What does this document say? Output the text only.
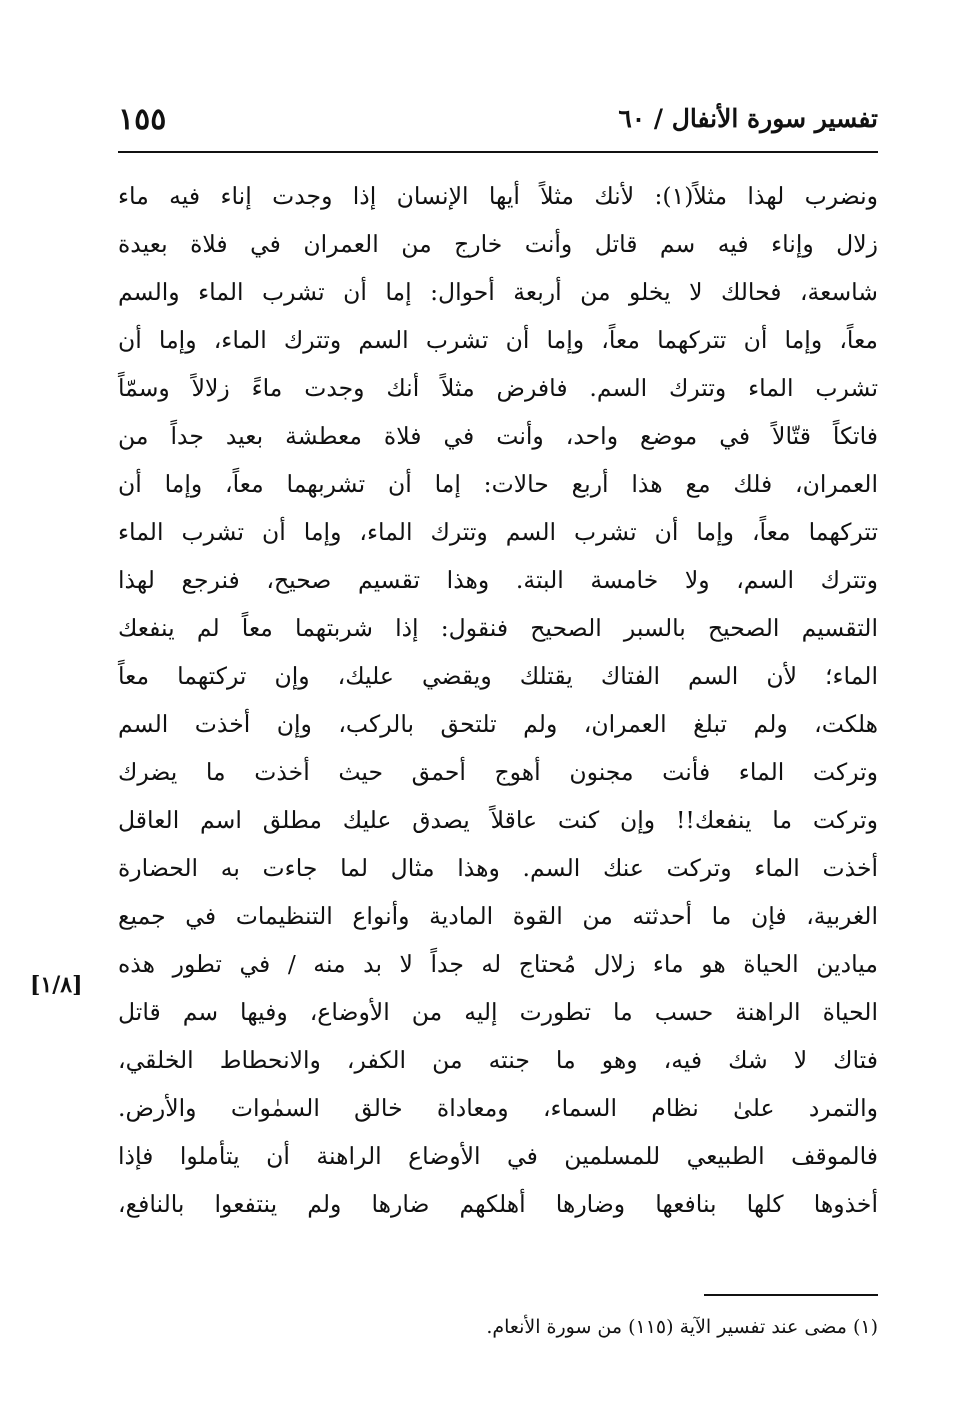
تفسير سورة الأنفال / ٦٠
١٥٥
[١/٨]
ونضرب لهذا مثلاً(١): لأنك مثلاً أيها الإنسان إذا وجدت إناء فيه ماء
زلال وإناء فيه سم قاتل وأنت خارج من العمران في فلاة بعيدة
شاسعة، فحالك لا يخلو من أربعة أحوال: إما أن تشرب الماء والسم
معاً، وإما أن تتركهما معاً، وإما أن تشرب السم وتترك الماء، وإما أن
تشرب الماء وتترك السم. فافرض مثلاً أنك وجدت ماءً زلالاً وسمّاً
فاتكاً قتّالاً في موضع واحد، وأنت في فلاة معطشة بعيد جداً من
العمران، فلك مع هذا أربع حالات: إما أن تشربهما معاً، وإما أن
تتركهما معاً، وإما أن تشرب السم وتترك الماء، وإما أن تشرب الماء
وتترك السم، ولا خامسة البتة. وهذا تقسيم صحيح، فنرجع لهذا
التقسيم الصحيح بالسبر الصحيح فنقول: إذا شربتهما معاً لم ينفعك
الماء؛ لأن السم الفتاك يقتلك ويقضي عليك، وإن تركتهما معاً
هلكت، ولم تبلغ العمران، ولم تلتحق بالركب، وإن أخذت السم
وتركت الماء فأنت مجنون أهوج أحمق حيث أخذت ما يضرك
وتركت ما ينفعك!! وإن كنت عاقلاً يصدق عليك مطلق اسم العاقل
أخذت الماء وتركت عنك السم. وهذا مثال لما جاءت به الحضارة
الغربية، فإن ما أحدثته من القوة المادية وأنواع التنظيمات في جميع
ميادين الحياة هو ماء زلال مُحتاج له جداً لا بد منه / في تطور هذه
الحياة الراهنة حسب ما تطورت إليه من الأوضاع، وفيها سم قاتل
فتاك لا شك فيه، وهو ما جنته من الكفر، والانحطاط الخلقي،
والتمرد علىٰ نظام السماء، ومعاداة خالق السمٰوات والأرض.
فالموقف الطبيعي للمسلمين في الأوضاع الراهنة أن يتأملوا فإذا
أخذوها كلها بنافعها وضارها أهلكهم ضارها ولم ينتفعوا بالنافع،
(١) مضى عند تفسير الآية (١١٥) من سورة الأنعام.
